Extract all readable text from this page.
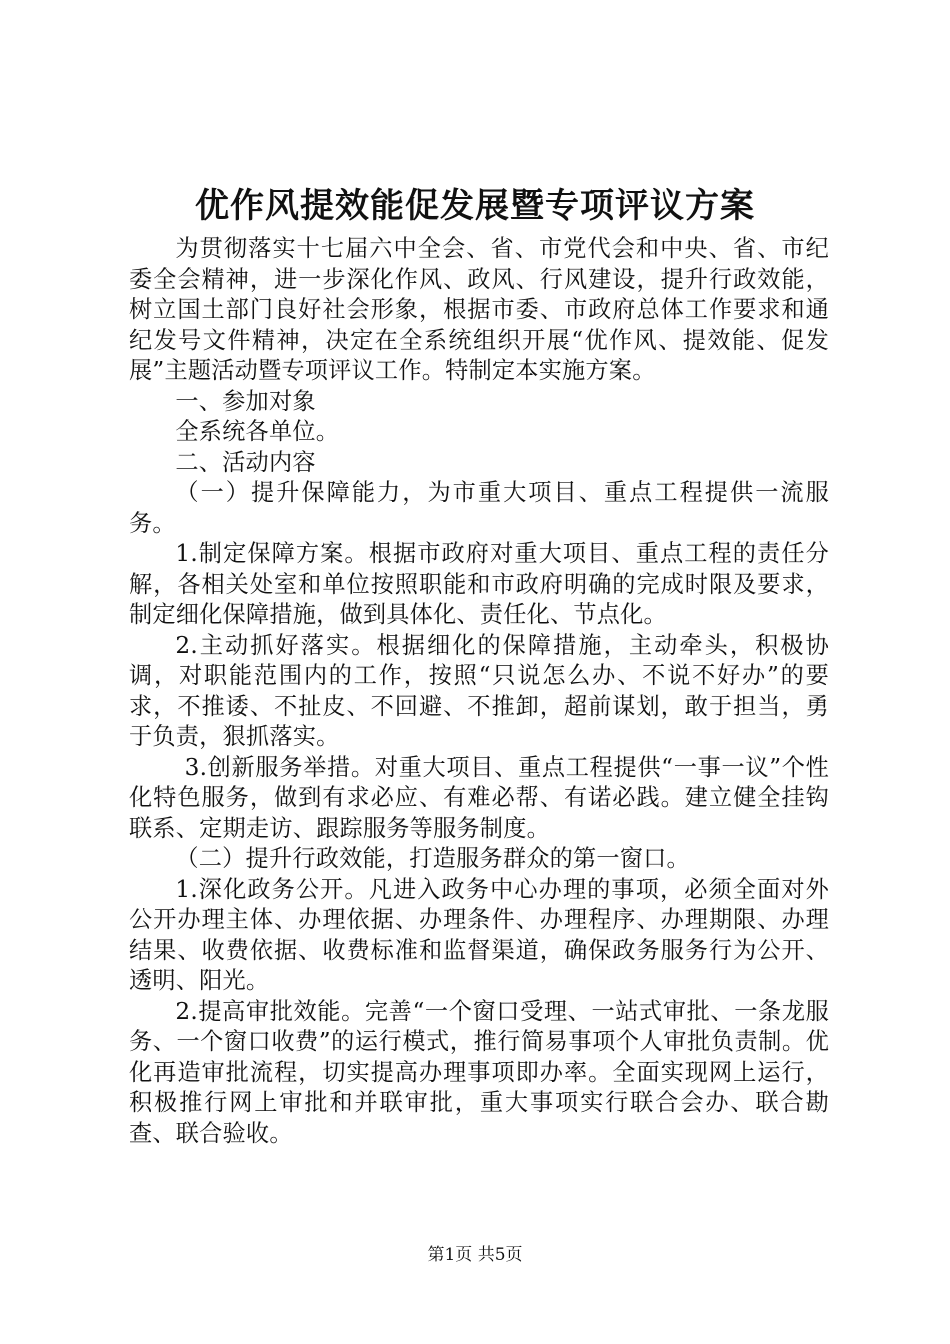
优作风提效能促发展暨专项评议方案

为贯彻落实十七届六中全会、省、市党代会和中央、省、市纪委全会精神，进一步深化作风、政风、行风建设，提升行政效能，树立国土部门良好社会形象，根据市委、市政府总体工作要求和通纪发号文件精神，决定在全系统组织开展“优作风、提效能、促发展”主题活动暨专项评议工作。特制定本实施方案。

一、参加对象

全系统各单位。

二、活动内容

（一）提升保障能力，为市重大项目、重点工程提供一流服务。

1.制定保障方案。根据市政府对重大项目、重点工程的责任分解，各相关处室和单位按照职能和市政府明确的完成时限及要求，制定细化保障措施，做到具体化、责任化、节点化。

2.主动抓好落实。根据细化的保障措施，主动牵头，积极协调，对职能范围内的工作，按照“只说怎么办、不说不好办”的要求，不推诿、不扯皮、不回避、不推卸，超前谋划，敢于担当，勇于负责，狠抓落实。

3.创新服务举措。对重大项目、重点工程提供“一事一议”个性化特色服务，做到有求必应、有难必帮、有诺必践。建立健全挂钩联系、定期走访、跟踪服务等服务制度。

（二）提升行政效能，打造服务群众的第一窗口。

1.深化政务公开。凡进入政务中心办理的事项，必须全面对外公开办理主体、办理依据、办理条件、办理程序、办理期限、办理结果、收费依据、收费标准和监督渠道，确保政务服务行为公开、透明、阳光。

2.提高审批效能。完善“一个窗口受理、一站式审批、一条龙服务、一个窗口收费”的运行模式，推行简易事项个人审批负责制。优化再造审批流程，切实提高办理事项即办率。全面实现网上运行，积极推行网上审批和并联审批，重大事项实行联合会办、联合勘查、联合验收。

第1页 共5页
